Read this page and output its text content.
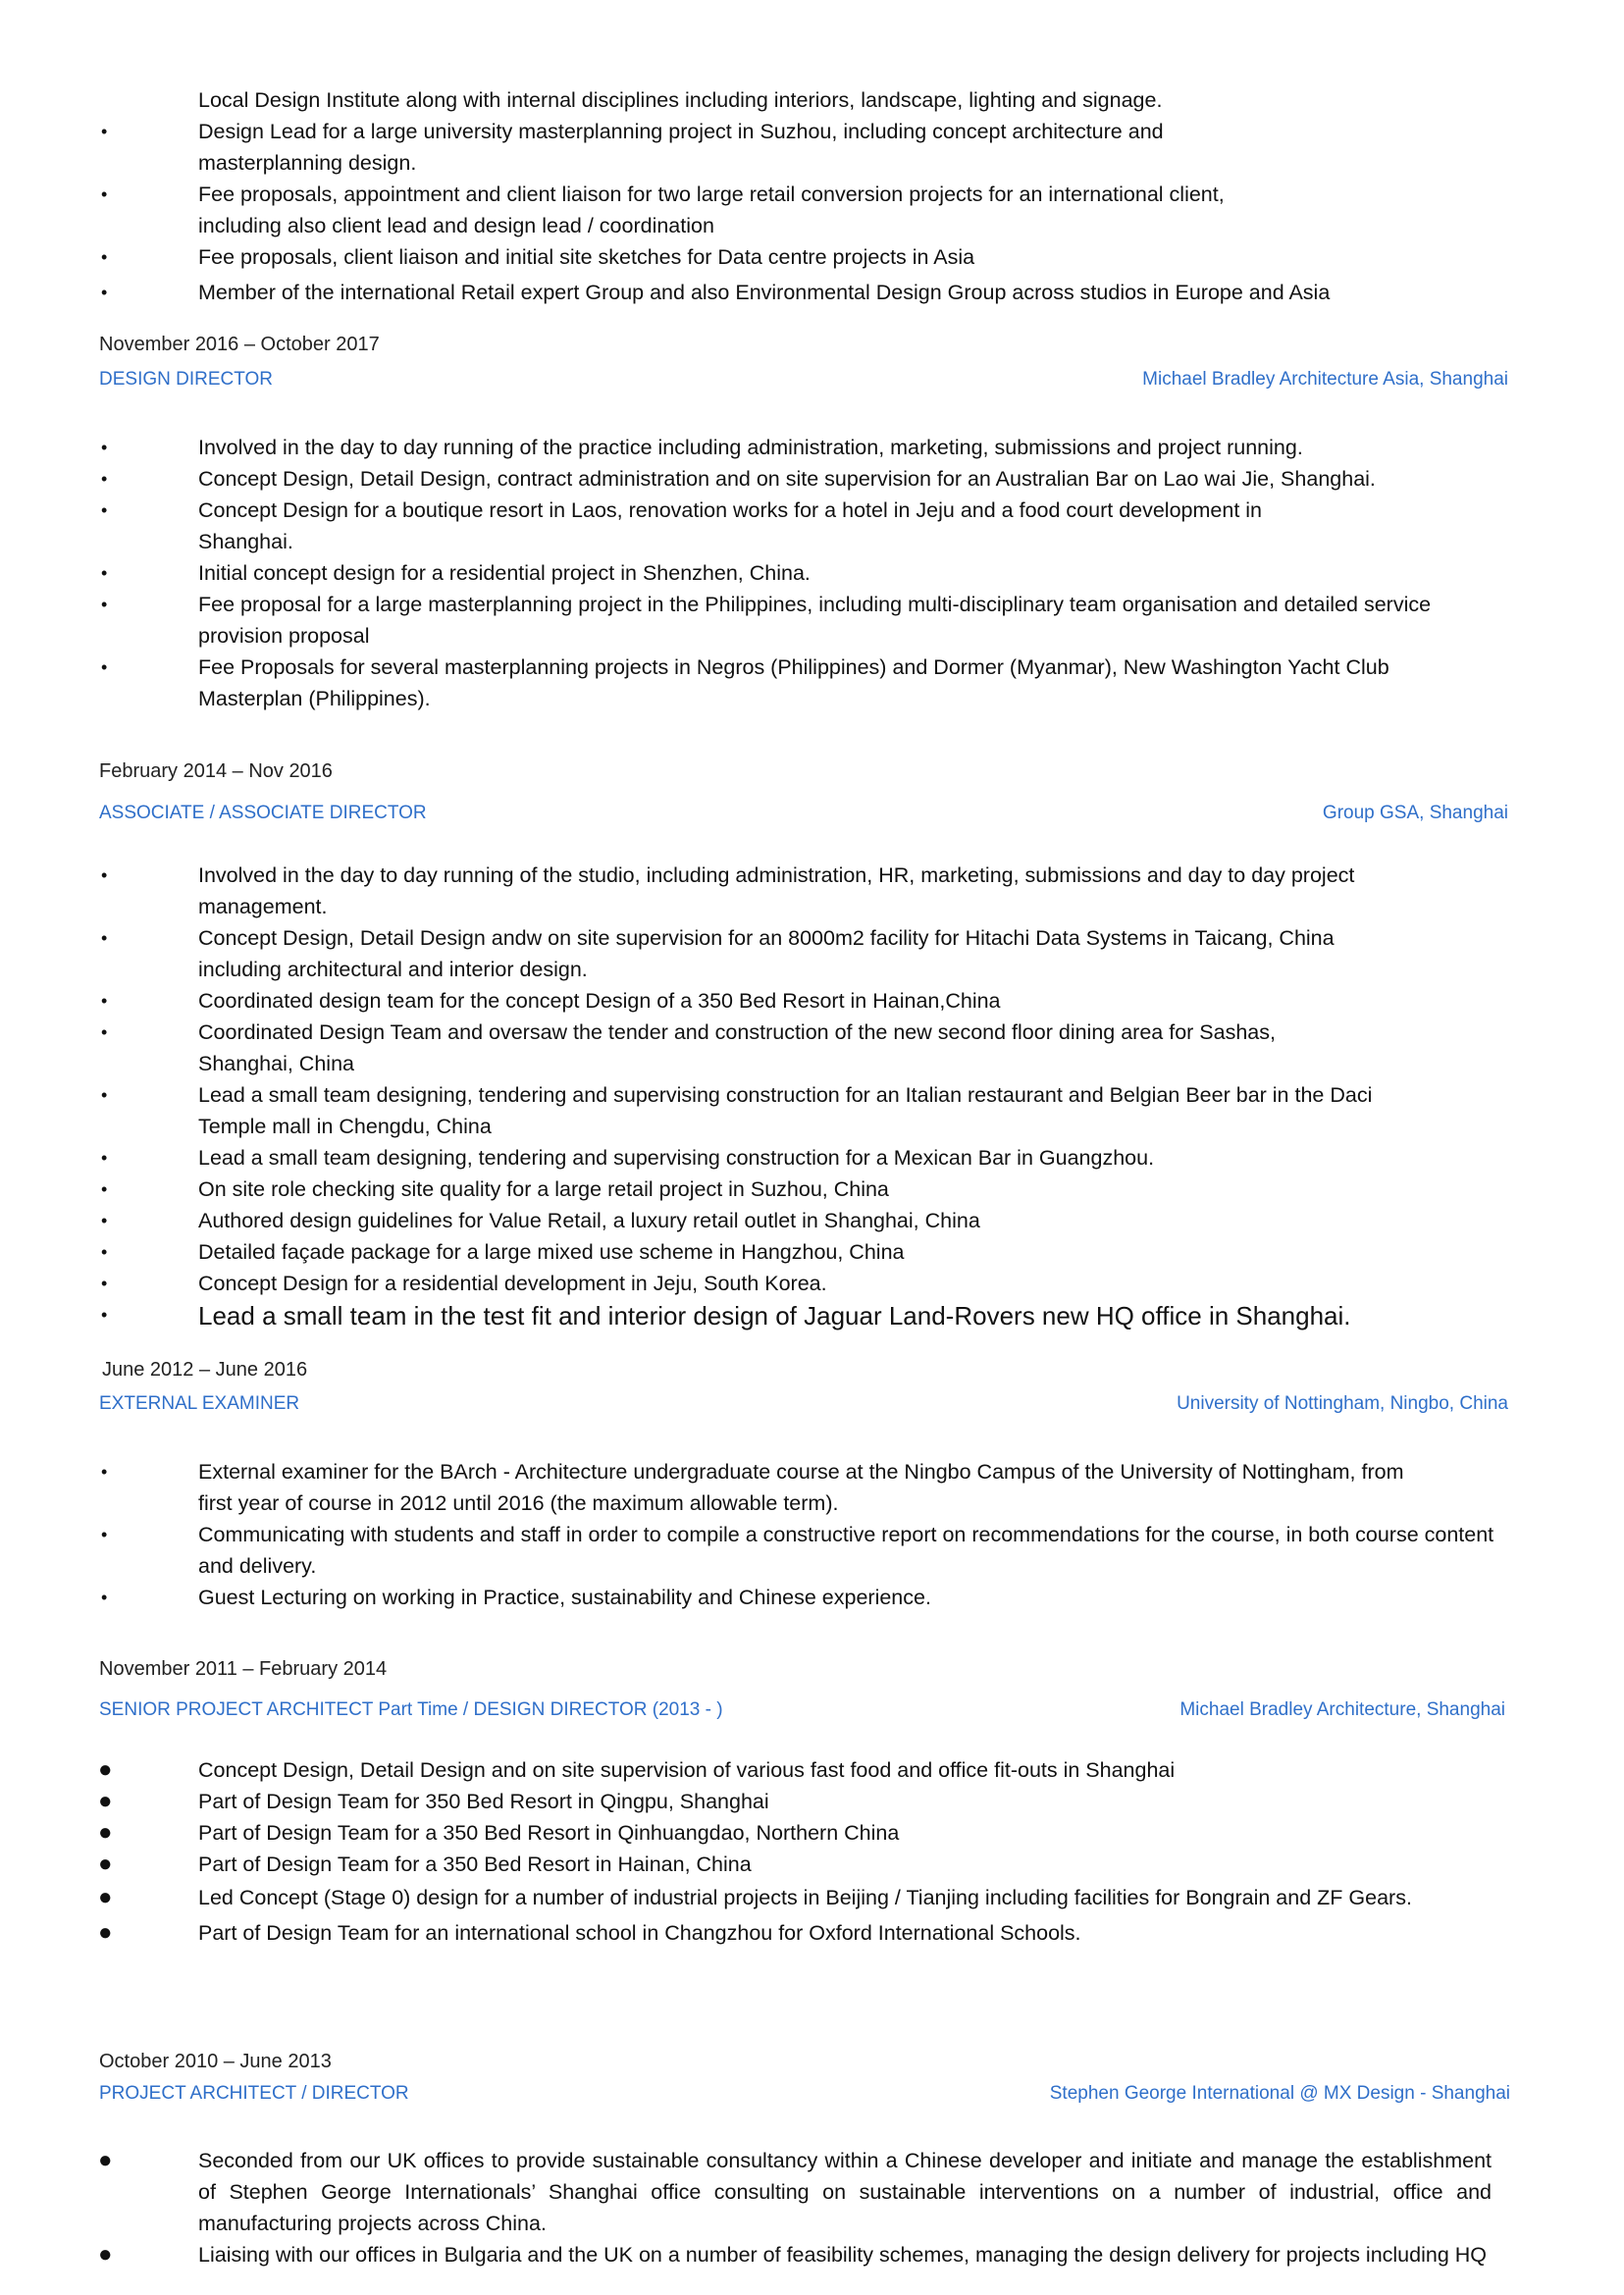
Local Design Institute along with internal disciplines including interiors, landscape, lighting and signage.
•	Design Lead for a large university masterplanning project in Suzhou, including concept architecture and masterplanning design.
•	Fee proposals, appointment and client liaison for two large retail conversion projects for an international client, including also client lead and design lead / coordination
•	Fee proposals, client liaison and initial site sketches for Data centre projects in Asia
•	Member of the international Retail expert Group and also Environmental Design Group across studios in Europe and Asia
November 2016 – October 2017
DESIGN DIRECTOR	Michael Bradley Architecture Asia, Shanghai
•	Involved in the day to day running of the practice including administration, marketing, submissions and project running.
•	Concept Design, Detail Design, contract administration and on site supervision for an Australian Bar on Lao wai Jie, Shanghai.
•	Concept Design for a boutique resort in Laos, renovation works for a hotel in Jeju and a food court development in Shanghai.
•	Initial concept design for a residential project in Shenzhen, China.
•	Fee proposal for a large masterplanning project in the Philippines, including multi-disciplinary team organisation and detailed service provision proposal
•	Fee Proposals for several masterplanning projects in Negros (Philippines) and Dormer (Myanmar), New Washington Yacht Club Masterplan (Philippines).
February 2014 – Nov 2016
ASSOCIATE / ASSOCIATE DIRECTOR	Group GSA, Shanghai
•	Involved in the day to day running of the studio, including administration, HR, marketing, submissions and day to day project management.
•	Concept Design, Detail Design andw on site supervision for an 8000m2 facility for Hitachi Data Systems in Taicang, China including architectural and interior design.
•	Coordinated design team for the concept Design of a 350 Bed Resort in Hainan,China
•	Coordinated Design Team and oversaw the tender and construction of the new second floor dining area for Sashas, Shanghai, China
•	Lead a small team designing, tendering and supervising construction for an Italian restaurant and Belgian Beer bar in the Daci Temple mall in Chengdu, China
•	Lead a small team designing, tendering and supervising construction for a Mexican Bar in Guangzhou.
•	On site role checking site quality for a large retail project in Suzhou, China
•	Authored design guidelines for Value Retail, a luxury retail outlet in Shanghai, China
•	Detailed façade package for a large mixed use scheme in Hangzhou, China
•	Concept Design for a residential development in Jeju, South Korea.
•	Lead a small team in the test fit and interior design of Jaguar Land-Rovers new HQ office in Shanghai.
June 2012 – June 2016
EXTERNAL EXAMINER	University of Nottingham, Ningbo, China
•	External examiner for the BArch - Architecture undergraduate course at the Ningbo Campus of the University of Nottingham, from first year of course in 2012 until 2016 (the maximum allowable term).
•	Communicating with students and staff in order to compile a constructive report on recommendations for the course, in both course content and delivery.
•	Guest Lecturing on working in Practice, sustainability and Chinese experience.
November 2011 – February 2014
SENIOR PROJECT ARCHITECT Part Time / DESIGN DIRECTOR (2013 - )	Michael Bradley Architecture, Shanghai
●	Concept Design, Detail Design and on site supervision of various fast food and office fit-outs in Shanghai
●	Part of Design Team for 350 Bed Resort in Qingpu, Shanghai
●	Part of Design Team for a 350 Bed Resort in Qinhuangdao, Northern China
●	Part of Design Team for a 350 Bed Resort in Hainan, China
●	Led Concept (Stage 0) design for a number of industrial projects in Beijing / Tianjing including facilities for Bongrain and ZF Gears.
●	Part of Design Team for an international school in Changzhou for Oxford International Schools.
October 2010 – June 2013
PROJECT ARCHITECT / DIRECTOR	Stephen George International @ MX Design - Shanghai
●	Seconded from our UK offices to provide sustainable consultancy within a Chinese developer and initiate and manage the establishment of Stephen George Internationals’ Shanghai office consulting on sustainable interventions on a number of industrial, office and manufacturing projects across China.
●	Liaising with our offices in Bulgaria and the UK on a number of feasibility schemes, managing the design delivery for projects including HQ
